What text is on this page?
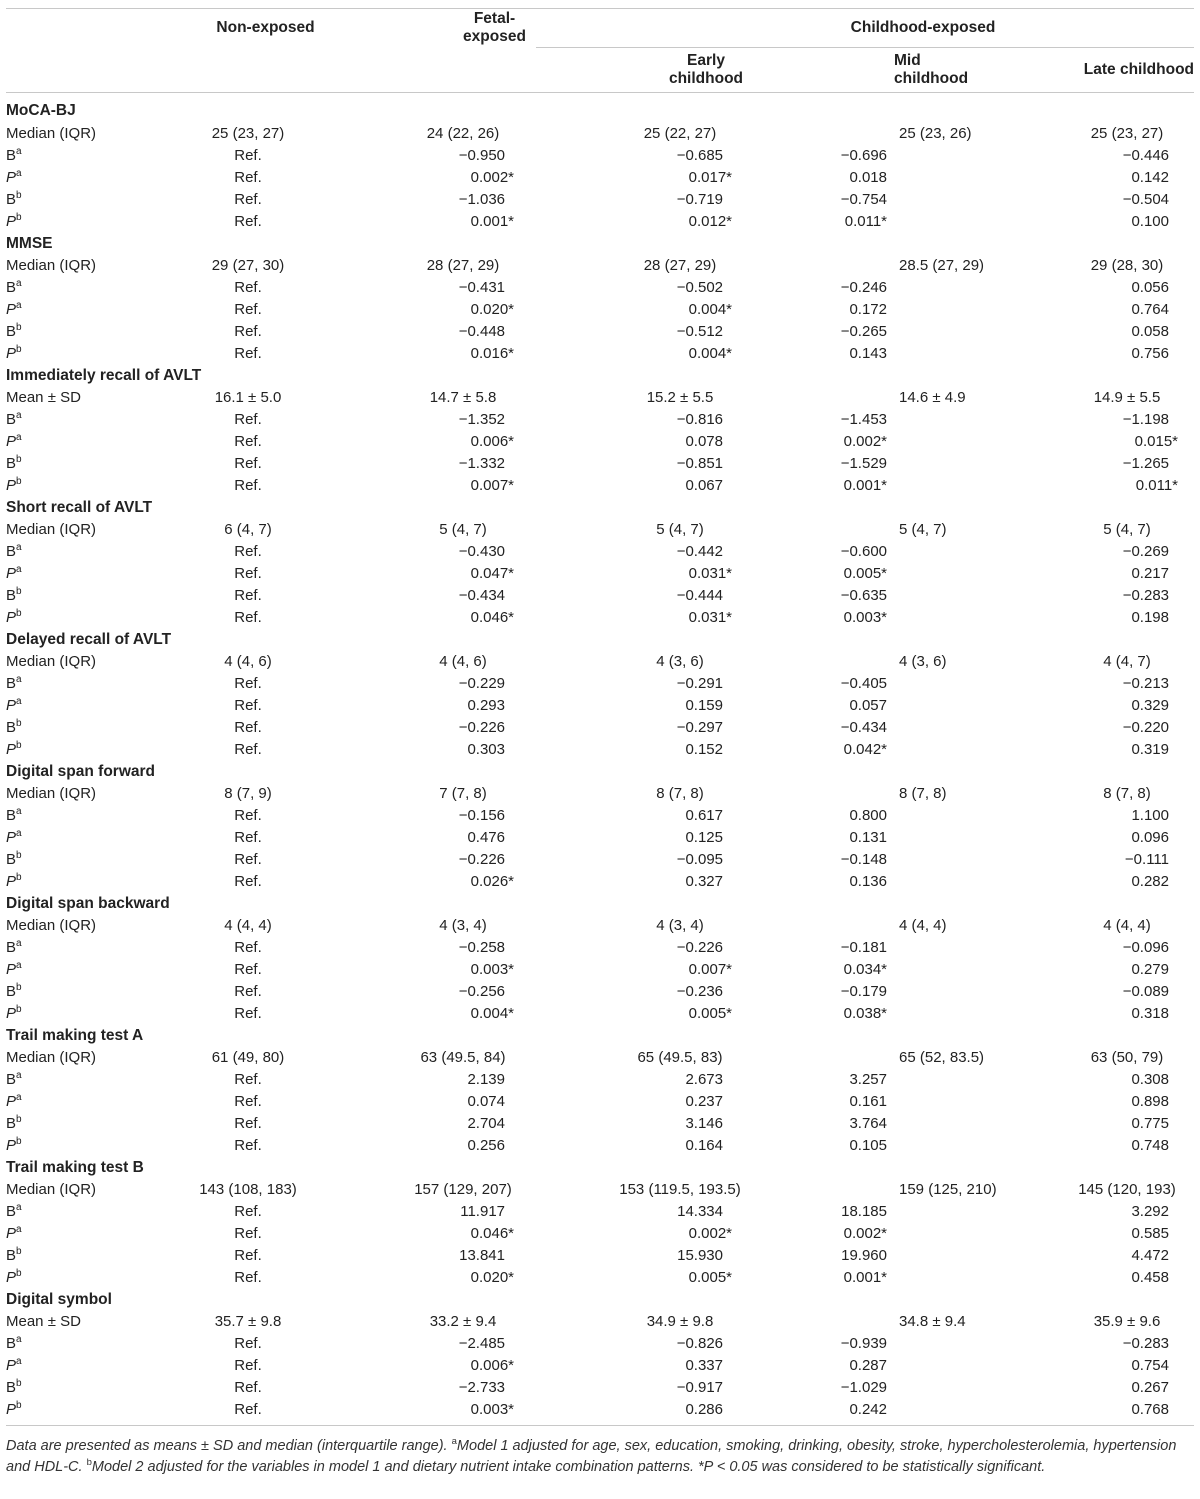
	Non-exposed	Fetal-exposed	Childhood-exposed		
			Early childhood	Mid childhood	Late childhood
MoCA-BJ					
Median (IQR)	25 (23, 27)	24 (22, 26)	25 (22, 27)	25 (23, 26)	25 (23, 27)
$B^a$	Ref.	−0.950	−0.685	−0.696	−0.446
$P^a$	Ref.	0.002*	0.017*	0.018	0.142
$B^b$	Ref.	−1.036	−0.719	−0.754	−0.504
$P^b$	Ref.	0.001*	0.012*	0.011*	0.100
MMSE					
Median (IQR)	29 (27, 30)	28 (27, 29)	28 (27, 29)	28.5 (27, 29)	29 (28, 30)
$B^a$	Ref.	−0.431	−0.502	−0.246	0.056
$P^a$	Ref.	0.020*	0.004*	0.172	0.764
$B^b$	Ref.	−0.448	−0.512	−0.265	0.058
$P^b$	Ref.	0.016*	0.004*	0.143	0.756
Immediately recall of AVLT					
Mean ± SD	16.1 ± 5.0	14.7 ± 5.8	15.2 ± 5.5	14.6 ± 4.9	14.9 ± 5.5
$B^a$	Ref.	−1.352	−0.816	−1.453	−1.198
$P^a$	Ref.	0.006*	0.078	0.002*	0.015*
$B^b$	Ref.	−1.332	−0.851	−1.529	−1.265
$P^b$	Ref.	0.007*	0.067	0.001*	0.011*
Short recall of AVLT					
Median (IQR)	6 (4, 7)	5 (4, 7)	5 (4, 7)	5 (4, 7)	5 (4, 7)
$B^a$	Ref.	−0.430	−0.442	−0.600	−0.269
$P^a$	Ref.	0.047*	0.031*	0.005*	0.217
$B^b$	Ref.	−0.434	−0.444	−0.635	−0.283
$P^b$	Ref.	0.046*	0.031*	0.003*	0.198
Delayed recall of AVLT					
Median (IQR)	4 (4, 6)	4 (4, 6)	4 (3, 6)	4 (3, 6)	4 (4, 7)
$B^a$	Ref.	−0.229	−0.291	−0.405	−0.213
$P^a$	Ref.	0.293	0.159	0.057	0.329
$B^b$	Ref.	−0.226	−0.297	−0.434	−0.220
$P^b$	Ref.	0.303	0.152	0.042*	0.319
Digital span forward					
Median (IQR)	8 (7, 9)	7 (7, 8)	8 (7, 8)	8 (7, 8)	8 (7, 8)
$B^a$	Ref.	−0.156	0.617	0.800	1.100
$P^a$	Ref.	0.476	0.125	0.131	0.096
$B^b$	Ref.	−0.226	−0.095	−0.148	−0.111
$P^b$	Ref.	0.026*	0.327	0.136	0.282
Digital span backward					
Median (IQR)	4 (4, 4)	4 (3, 4)	4 (3, 4)	4 (4, 4)	4 (4, 4)
$B^a$	Ref.	−0.258	−0.226	−0.181	−0.096
$P^a$	Ref.	0.003*	0.007*	0.034*	0.279
$B^b$	Ref.	−0.256	−0.236	−0.179	−0.089
$P^b$	Ref.	0.004*	0.005*	0.038*	0.318
Trail making test A					
Median (IQR)	61 (49, 80)	63 (49.5, 84)	65 (49.5, 83)	65 (52, 83.5)	63 (50, 79)
$B^a$	Ref.	2.139	2.673	3.257	0.308
$P^a$	Ref.	0.074	0.237	0.161	0.898
$B^b$	Ref.	2.704	3.146	3.764	0.775
$P^b$	Ref.	0.256	0.164	0.105	0.748
Trail making test B					
Median (IQR)	143 (108, 183)	157 (129, 207)	153 (119.5, 193.5)	159 (125, 210)	145 (120, 193)
$B^a$	Ref.	11.917	14.334	18.185	3.292
$P^a$	Ref.	0.046*	0.002*	0.002*	0.585
$B^b$	Ref.	13.841	15.930	19.960	4.472
$P^b$	Ref.	0.020*	0.005*	0.001*	0.458
Digital symbol					
Mean ± SD	35.7 ± 9.8	33.2 ± 9.4	34.9 ± 9.8	34.8 ± 9.4	35.9 ± 9.6
$B^a$	Ref.	−2.485	−0.826	−0.939	−0.283
$P^a$	Ref.	0.006*	0.337	0.287	0.754
$B^b$	Ref.	−2.733	−0.917	−1.029	0.267
$P^b$	Ref.	0.003*	0.286	0.242	0.768

Data are presented as means ± SD and median (interquartile range). $^a$Model 1 adjusted for age, sex, education, smoking, drinking, obesity, stroke, hypercholesterolemia, hypertension and HDL-C. $^b$Model 2 adjusted for the variables in model 1 and dietary nutrient intake combination patterns. *P < 0.05 was considered to be statistically significant.
